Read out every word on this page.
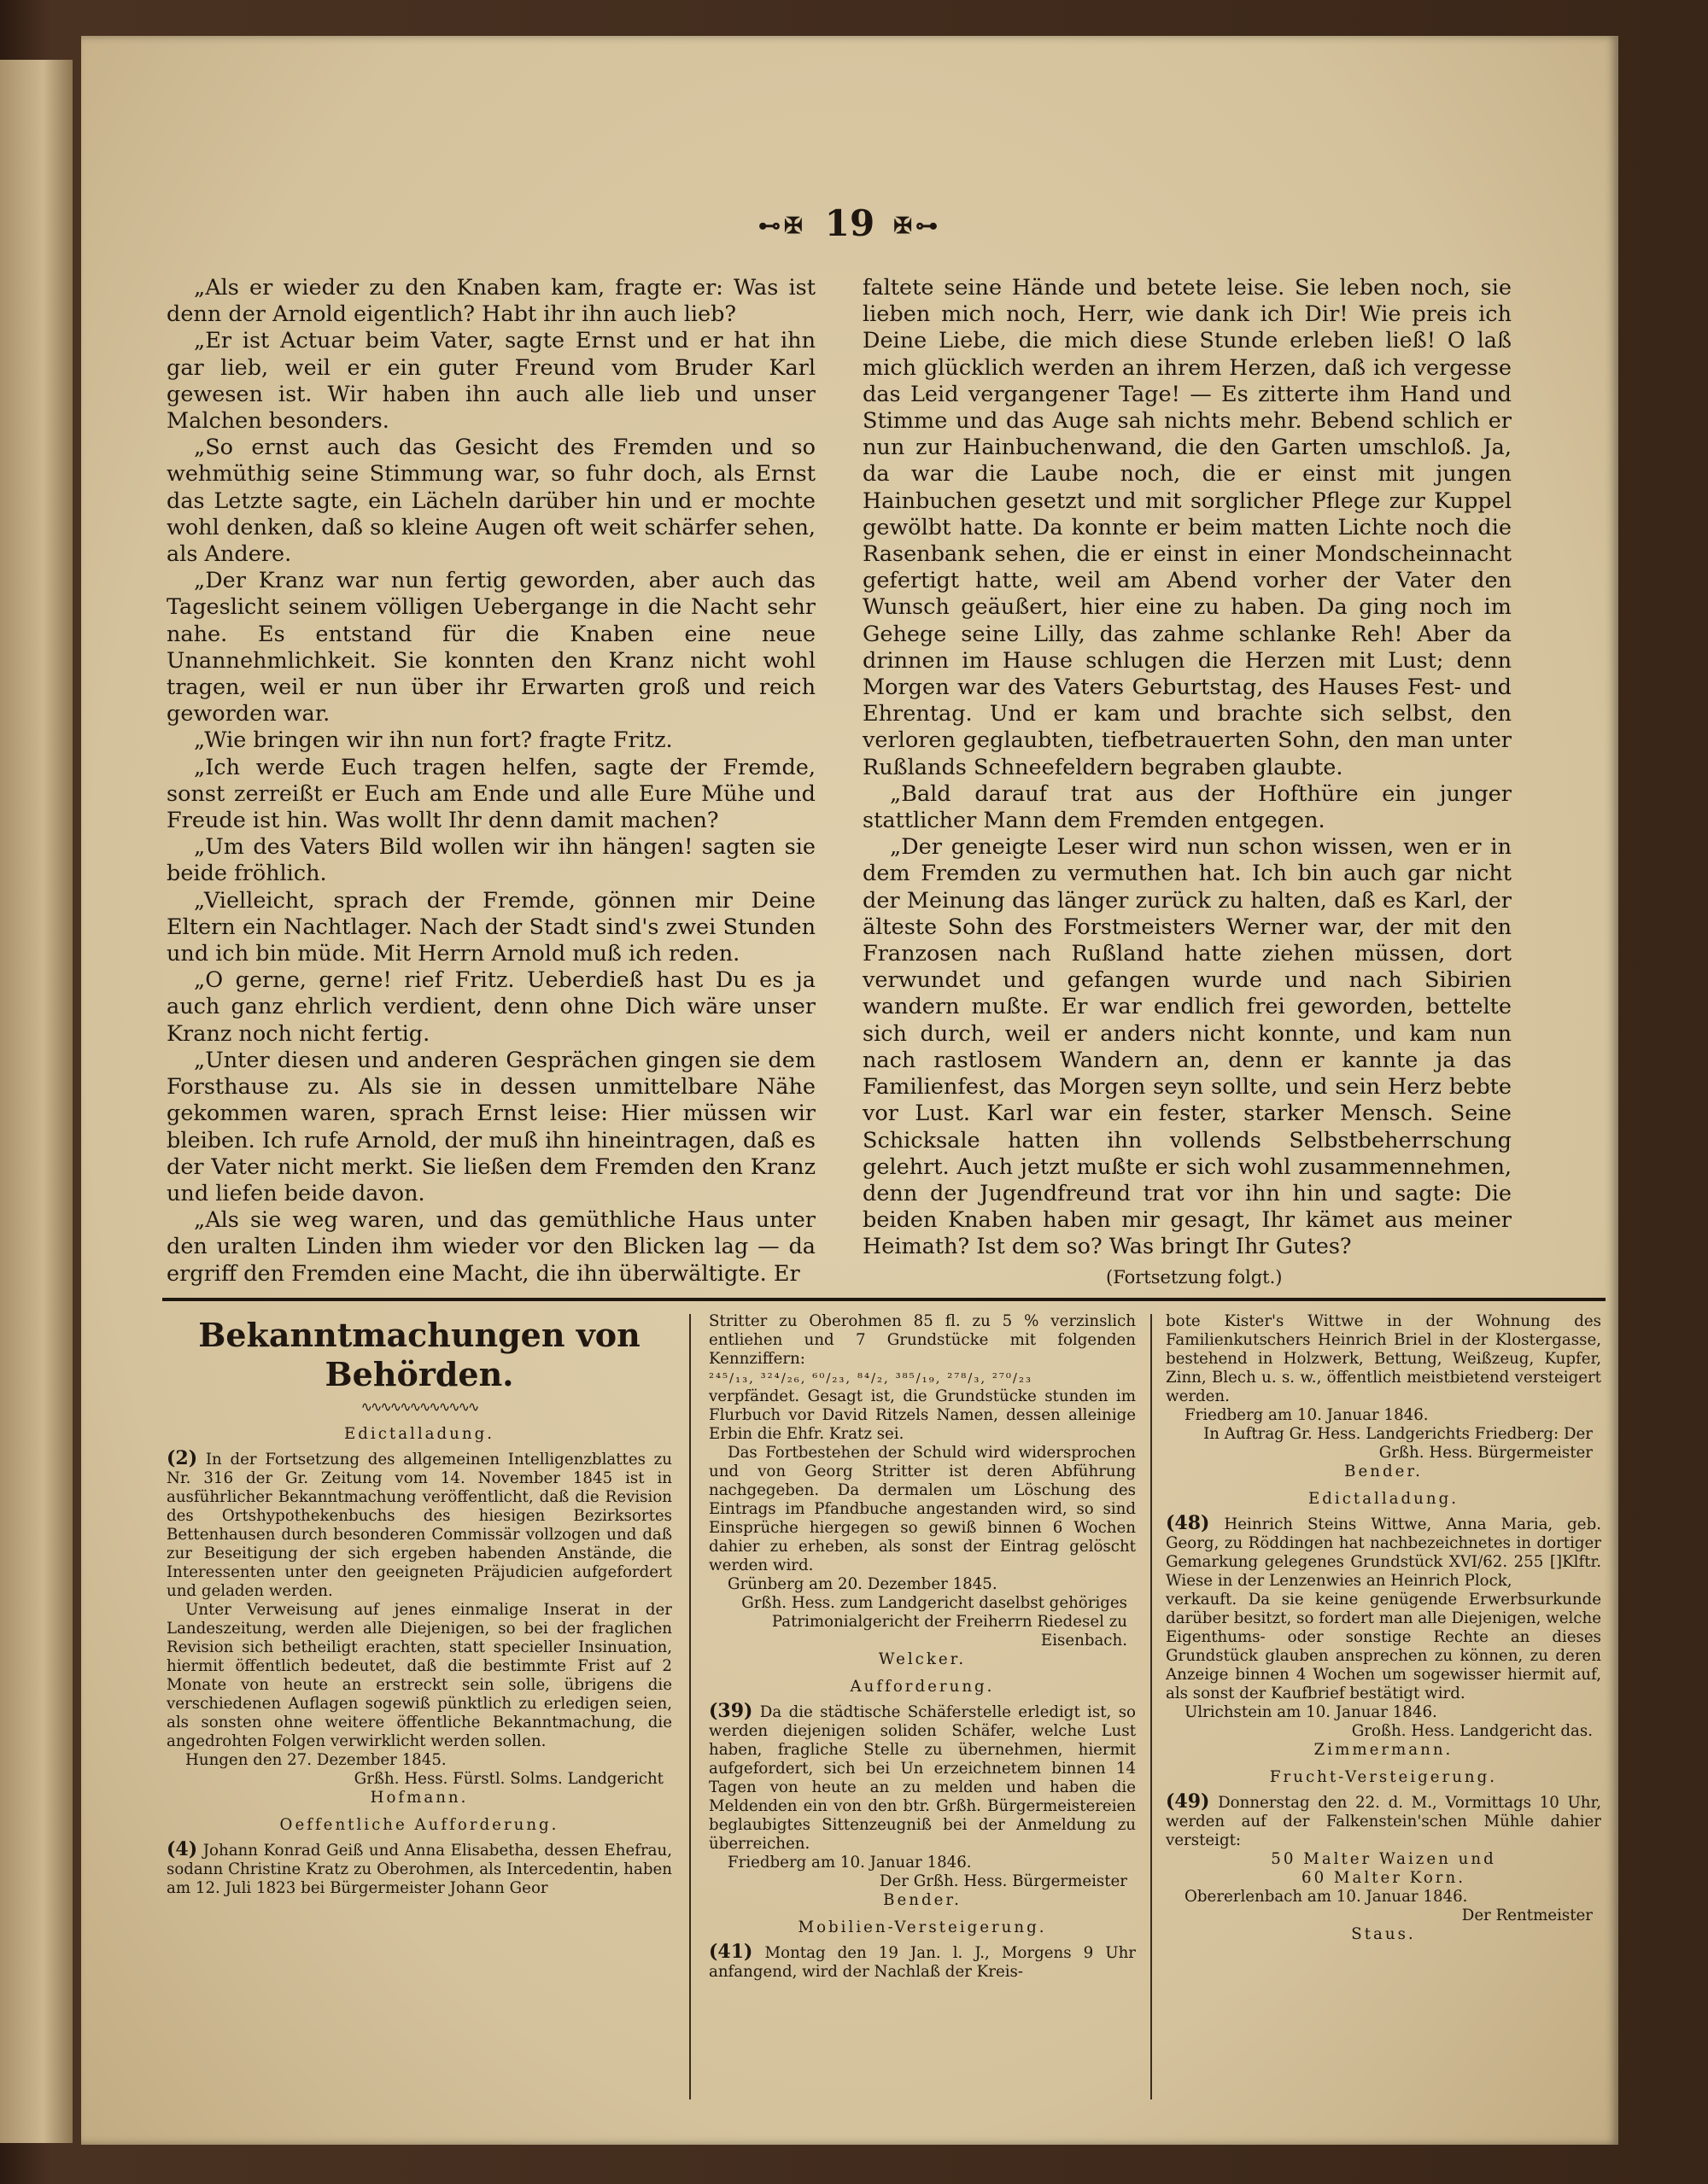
⊷✠ 19 ✠⊶

„Als er wieder zu den Knaben kam, fragte er: Was ist denn der Arnold eigentlich? Habt ihr ihn auch lieb?

„Er ist Actuar beim Vater, sagte Ernst und er hat ihn gar lieb, weil er ein guter Freund vom Bruder Karl gewesen ist. Wir haben ihn auch alle lieb und unser Malchen besonders.

„So ernst auch das Gesicht des Fremden und so wehmüthig seine Stimmung war, so fuhr doch, als Ernst das Letzte sagte, ein Lächeln darüber hin und er mochte wohl denken, daß so kleine Augen oft weit schärfer sehen, als Andere.

„Der Kranz war nun fertig geworden, aber auch das Tageslicht seinem völligen Uebergange in die Nacht sehr nahe. Es entstand für die Knaben eine neue Unannehmlichkeit. Sie konnten den Kranz nicht wohl tragen, weil er nun über ihr Erwarten groß und reich geworden war.

„Wie bringen wir ihn nun fort? fragte Fritz.

„Ich werde Euch tragen helfen, sagte der Fremde, sonst zerreißt er Euch am Ende und alle Eure Mühe und Freude ist hin. Was wollt Ihr denn damit machen?

„Um des Vaters Bild wollen wir ihn hängen! sagten sie beide fröhlich.

„Vielleicht, sprach der Fremde, gönnen mir Deine Eltern ein Nachtlager. Nach der Stadt sind's zwei Stunden und ich bin müde. Mit Herrn Arnold muß ich reden.

„O gerne, gerne! rief Fritz. Ueberdieß hast Du es ja auch ganz ehrlich verdient, denn ohne Dich wäre unser Kranz noch nicht fertig.

„Unter diesen und anderen Gesprächen gingen sie dem Forsthause zu. Als sie in dessen unmittelbare Nähe gekommen waren, sprach Ernst leise: Hier müssen wir bleiben. Ich rufe Arnold, der muß ihn hineintragen, daß es der Vater nicht merkt. Sie ließen dem Fremden den Kranz und liefen beide davon.

„Als sie weg waren, und das gemüthliche Haus unter den uralten Linden ihm wieder vor den Blicken lag — da ergriff den Fremden eine Macht, die ihn überwältigte. Er

faltete seine Hände und betete leise. Sie leben noch, sie lieben mich noch, Herr, wie dank ich Dir! Wie preis ich Deine Liebe, die mich diese Stunde erleben ließ! O laß mich glücklich werden an ihrem Herzen, daß ich vergesse das Leid vergangener Tage! — Es zitterte ihm Hand und Stimme und das Auge sah nichts mehr. Bebend schlich er nun zur Hainbuchenwand, die den Garten umschloß. Ja, da war die Laube noch, die er einst mit jungen Hainbuchen gesetzt und mit sorglicher Pflege zur Kuppel gewölbt hatte. Da konnte er beim matten Lichte noch die Rasenbank sehen, die er einst in einer Mondscheinnacht gefertigt hatte, weil am Abend vorher der Vater den Wunsch geäußert, hier eine zu haben. Da ging noch im Gehege seine Lilly, das zahme schlanke Reh! Aber da drinnen im Hause schlugen die Herzen mit Lust; denn Morgen war des Vaters Geburtstag, des Hauses Fest- und Ehrentag. Und er kam und brachte sich selbst, den verloren geglaubten, tiefbetrauerten Sohn, den man unter Rußlands Schneefeldern begraben glaubte.

„Bald darauf trat aus der Hofthüre ein junger stattlicher Mann dem Fremden entgegen.

„Der geneigte Leser wird nun schon wissen, wen er in dem Fremden zu vermuthen hat. Ich bin auch gar nicht der Meinung das länger zurück zu halten, daß es Karl, der älteste Sohn des Forstmeisters Werner war, der mit den Franzosen nach Rußland hatte ziehen müssen, dort verwundet und gefangen wurde und nach Sibirien wandern mußte. Er war endlich frei geworden, bettelte sich durch, weil er anders nicht konnte, und kam nun nach rastlosem Wandern an, denn er kannte ja das Familienfest, das Morgen seyn sollte, und sein Herz bebte vor Lust. Karl war ein fester, starker Mensch. Seine Schicksale hatten ihn vollends Selbstbeherrschung gelehrt. Auch jetzt mußte er sich wohl zusammennehmen, denn der Jugendfreund trat vor ihn hin und sagte: Die beiden Knaben haben mir gesagt, Ihr kämet aus meiner Heimath? Ist dem so? Was bringt Ihr Gutes?

(Fortsetzung folgt.)
Bekanntmachungen von Behörden.
∿∿∿∿∿∿∿∿∿∿∿∿
Edictalladung.

(2) In der Fortsetzung des allgemeinen Intelligenzblattes zu Nr. 316 der Gr. Zeitung vom 14. November 1845 ist in ausführlicher Bekanntmachung veröffentlicht, daß die Revision des Ortshypothekenbuchs des hiesigen Bezirksortes Bettenhausen durch besonderen Commissär vollzogen und daß zur Beseitigung der sich ergeben habenden Anstände, die Interessenten unter den geeigneten Präjudicien aufgefordert und geladen werden.

Unter Verweisung auf jenes einmalige Inserat in der Landeszeitung, werden alle Diejenigen, so bei der fraglichen Revision sich betheiligt erachten, statt specieller Insinuation, hiermit öffentlich bedeutet, daß die bestimmte Frist auf 2 Monate von heute an erstreckt sein solle, übrigens die verschiedenen Auflagen sogewiß pünktlich zu erledigen seien, als sonsten ohne weitere öffentliche Bekanntmachung, die angedrohten Folgen verwirklicht werden sollen.

Hungen den 27. Dezember 1845.

Grßh. Hess. Fürstl. Solms. Landgericht
Hofmann.
Oeffentliche Aufforderung.

(4) Johann Konrad Geiß und Anna Elisabetha, dessen Ehefrau, sodann Christine Kratz zu Oberohmen, als Intercedentin, haben am 12. Juli 1823 bei Bürgermeister Johann Geor

Stritter zu Oberohmen 85 fl. zu 5 % verzinslich entliehen und 7 Grundstücke mit folgenden Kennziffern:

²⁴⁵/₁₃, ³²⁴/₂₆, ⁶⁰/₂₃, ⁸⁴/₂, ³⁸⁵/₁₉, ²⁷⁸/₃, ²⁷⁰/₂₃

verpfändet. Gesagt ist, die Grundstücke stunden im Flurbuch vor David Ritzels Namen, dessen alleinige Erbin die Ehfr. Kratz sei.

Das Fortbestehen der Schuld wird widersprochen und von Georg Stritter ist deren Abführung nachgegeben. Da dermalen um Löschung des Eintrags im Pfandbuche angestanden wird, so sind Einsprüche hiergegen so gewiß binnen 6 Wochen dahier zu erheben, als sonst der Eintrag gelöscht werden wird.

Grünberg am 20. Dezember 1845.

Grßh. Hess. zum Landgericht daselbst gehöriges Patrimonialgericht der Freiherrn Riedesel zu Eisenbach.
Welcker.
Aufforderung.

(39) Da die städtische Schäferstelle erledigt ist, so werden diejenigen soliden Schäfer, welche Lust haben, fragliche Stelle zu übernehmen, hiermit aufgefordert, sich bei Un erzeichnetem binnen 14 Tagen von heute an zu melden und haben die Meldenden ein von den btr. Grßh. Bürgermeistereien beglaubigtes Sittenzeugniß bei der Anmeldung zu überreichen.

Friedberg am 10. Januar 1846.

Der Grßh. Hess. Bürgermeister
Bender.
Mobilien-Versteigerung.

(41) Montag den 19 Jan. l. J., Morgens 9 Uhr anfangend, wird der Nachlaß der Kreis-

bote Kister's Wittwe in der Wohnung des Familienkutschers Heinrich Briel in der Klostergasse, bestehend in Holzwerk, Bettung, Weißzeug, Kupfer, Zinn, Blech u. s. w., öffentlich meistbietend versteigert werden.

Friedberg am 10. Januar 1846.

In Auftrag Gr. Hess. Landgerichts Friedberg: Der Grßh. Hess. Bürgermeister
Bender.
Edictalladung.

(48) Heinrich Steins Wittwe, Anna Maria, geb. Georg, zu Röddingen hat nachbezeichnetes in dortiger Gemarkung gelegenes Grundstück XVI/62. 255 []Klftr. Wiese in der Lenzenwies an Heinrich Plock,

verkauft. Da sie keine genügende Erwerbsurkunde darüber besitzt, so fordert man alle Diejenigen, welche Eigenthums- oder sonstige Rechte an dieses Grundstück glauben ansprechen zu können, zu deren Anzeige binnen 4 Wochen um sogewisser hiermit auf, als sonst der Kaufbrief bestätigt wird.

Ulrichstein am 10. Januar 1846.

Großh. Hess. Landgericht das.
Zimmermann.
Frucht-Versteigerung.

(49) Donnerstag den 22. d. M., Vormittags 10 Uhr, werden auf der Falkenstein'schen Mühle dahier versteigt:

50 Malter Waizen und
60 Malter Korn.

Obererlenbach am 10. Januar 1846.

Der Rentmeister
Staus.
